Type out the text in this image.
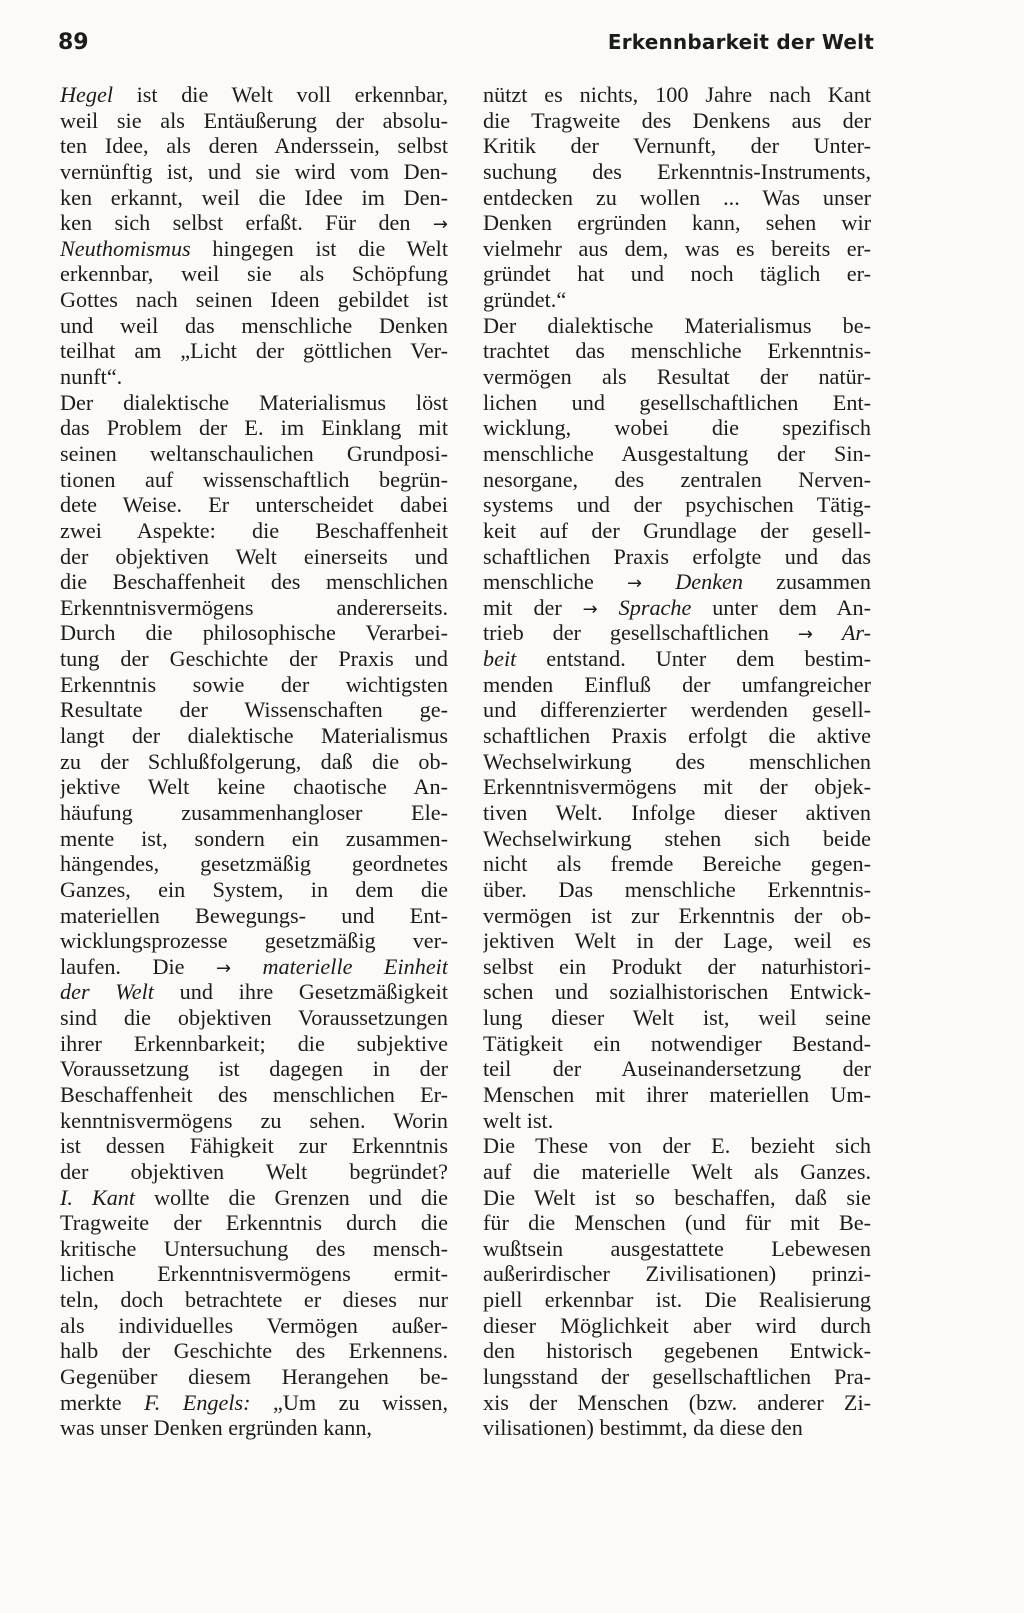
89	Erkennbarkeit der Welt
Hegel ist die Welt voll erkennbar,
weil sie als Entäußerung der absolu-
ten Idee, als deren Anderssein, selbst
vernünftig ist, und sie wird vom Den-
ken erkannt, weil die Idee im Den-
ken sich selbst erfaßt. Für den →
Neuthomismus hingegen ist die Welt
erkennbar, weil sie als Schöpfung
Gottes nach seinen Ideen gebildet ist
und weil das menschliche Denken
teilhat am „Licht der göttlichen Ver-
nunft“.
Der dialektische Materialismus löst
das Problem der E. im Einklang mit
seinen weltanschaulichen Grundposi-
tionen auf wissenschaftlich begrün-
dete Weise. Er unterscheidet dabei
zwei Aspekte: die Beschaffenheit
der objektiven Welt einerseits und
die Beschaffenheit des menschlichen
Erkenntnisvermögens andererseits.
Durch die philosophische Verarbei-
tung der Geschichte der Praxis und
Erkenntnis sowie der wichtigsten
Resultate der Wissenschaften ge-
langt der dialektische Materialismus
zu der Schlußfolgerung, daß die ob-
jektive Welt keine chaotische An-
häufung zusammenhangloser Ele-
mente ist, sondern ein zusammen-
hängendes, gesetzmäßig geordnetes
Ganzes, ein System, in dem die
materiellen Bewegungs- und Ent-
wicklungsprozesse gesetzmäßig ver-
laufen. Die → materielle Einheit
der Welt und ihre Gesetzmäßigkeit
sind die objektiven Voraussetzungen
ihrer Erkennbarkeit; die subjektive
Voraussetzung ist dagegen in der
Beschaffenheit des menschlichen Er-
kenntnisvermögens zu sehen. Worin
ist dessen Fähigkeit zur Erkenntnis
der objektiven Welt begründet?
I. Kant wollte die Grenzen und die
Tragweite der Erkenntnis durch die
kritische Untersuchung des mensch-
lichen Erkenntnisvermögens ermit-
teln, doch betrachtete er dieses nur
als individuelles Vermögen außer-
halb der Geschichte des Erkennens.
Gegenüber diesem Herangehen be-
merkte F. Engels: „Um zu wissen,
was unser Denken ergründen kann,
nützt es nichts, 100 Jahre nach Kant
die Tragweite des Denkens aus der
Kritik der Vernunft, der Unter-
suchung des Erkenntnis-Instruments,
entdecken zu wollen ... Was unser
Denken ergründen kann, sehen wir
vielmehr aus dem, was es bereits er-
gründet hat und noch täglich er-
gründet.“
Der dialektische Materialismus be-
trachtet das menschliche Erkenntnis-
vermögen als Resultat der natür-
lichen und gesellschaftlichen Ent-
wicklung, wobei die spezifisch
menschliche Ausgestaltung der Sin-
nesorgane, des zentralen Nerven-
systems und der psychischen Tätig-
keit auf der Grundlage der gesell-
schaftlichen Praxis erfolgte und das
menschliche → Denken zusammen
mit der → Sprache unter dem An-
trieb der gesellschaftlichen → Ar-
beit entstand. Unter dem bestim-
menden Einfluß der umfangreicher
und differenzierter werdenden gesell-
schaftlichen Praxis erfolgt die aktive
Wechselwirkung des menschlichen
Erkenntnisvermögens mit der objek-
tiven Welt. Infolge dieser aktiven
Wechselwirkung stehen sich beide
nicht als fremde Bereiche gegen-
über. Das menschliche Erkenntnis-
vermögen ist zur Erkenntnis der ob-
jektiven Welt in der Lage, weil es
selbst ein Produkt der naturhistori-
schen und sozialhistorischen Entwick-
lung dieser Welt ist, weil seine
Tätigkeit ein notwendiger Bestand-
teil der Auseinandersetzung der
Menschen mit ihrer materiellen Um-
welt ist.
Die These von der E. bezieht sich
auf die materielle Welt als Ganzes.
Die Welt ist so beschaffen, daß sie
für die Menschen (und für mit Be-
wußtsein ausgestattete Lebewesen
außerirdischer Zivilisationen) prinzi-
piell erkennbar ist. Die Realisierung
dieser Möglichkeit aber wird durch
den historisch gegebenen Entwick-
lungsstand der gesellschaftlichen Pra-
xis der Menschen (bzw. anderer Zi-
vilisationen) bestimmt, da diese den
